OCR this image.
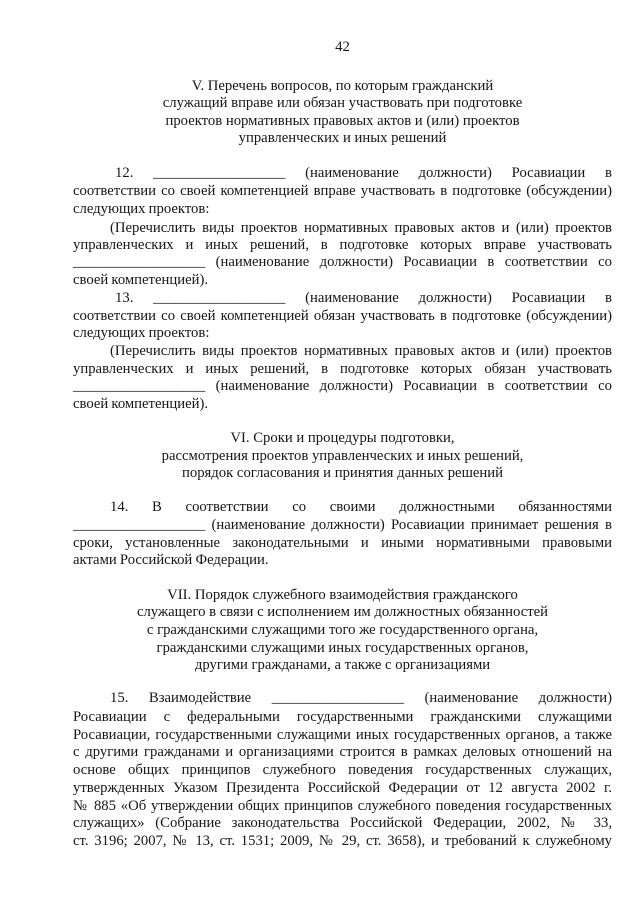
42
V. Перечень вопросов, по которым гражданский
служащий вправе или обязан участвовать при подготовке
проектов нормативных правовых актов и (или) проектов
управленческих и иных решений
12. __________________ (наименование должности) Росавиации в
соответствии со своей компетенцией вправе участвовать в подготовке (обсуждении)
следующих проектов:
(Перечислить виды проектов нормативных правовых актов и (или) проектов
управленческих и иных решений, в подготовке которых вправе участвовать
__________________ (наименование должности) Росавиации в соответствии со
своей компетенцией).
13. __________________ (наименование должности) Росавиации в
соответствии со своей компетенцией обязан участвовать в подготовке (обсуждении)
следующих проектов:
(Перечислить виды проектов нормативных правовых актов и (или) проектов
управленческих и иных решений, в подготовке которых обязан участвовать
__________________ (наименование должности) Росавиации в соответствии со
своей компетенцией).
VI. Сроки и процедуры подготовки,
рассмотрения проектов управленческих и иных решений,
порядок согласования и принятия данных решений
14. В соответствии со своими должностными обязанностями
__________________ (наименование должности) Росавиации принимает решения в
сроки, установленные законодательными и иными нормативными правовыми
актами Российской Федерации.
VII. Порядок служебного взаимодействия гражданского
служащего в связи с исполнением им должностных обязанностей
с гражданскими служащими того же государственного органа,
гражданскими служащими иных государственных органов,
другими гражданами, а также с организациями
15. Взаимодействие __________________ (наименование должности)
Росавиации с федеральными государственными гражданскими служащими
Росавиации, государственными служащими иных государственных органов, а также
с другими гражданами и организациями строится в рамках деловых отношений на
основе общих принципов служебного поведения государственных служащих,
утвержденных Указом Президента Российской Федерации от 12 августа 2002 г.
№ 885 «Об утверждении общих принципов служебного поведения государственных
служащих» (Собрание законодательства Российской Федерации, 2002, № 33,
ст. 3196; 2007, № 13, ст. 1531; 2009, № 29, ст. 3658), и требований к служебному
